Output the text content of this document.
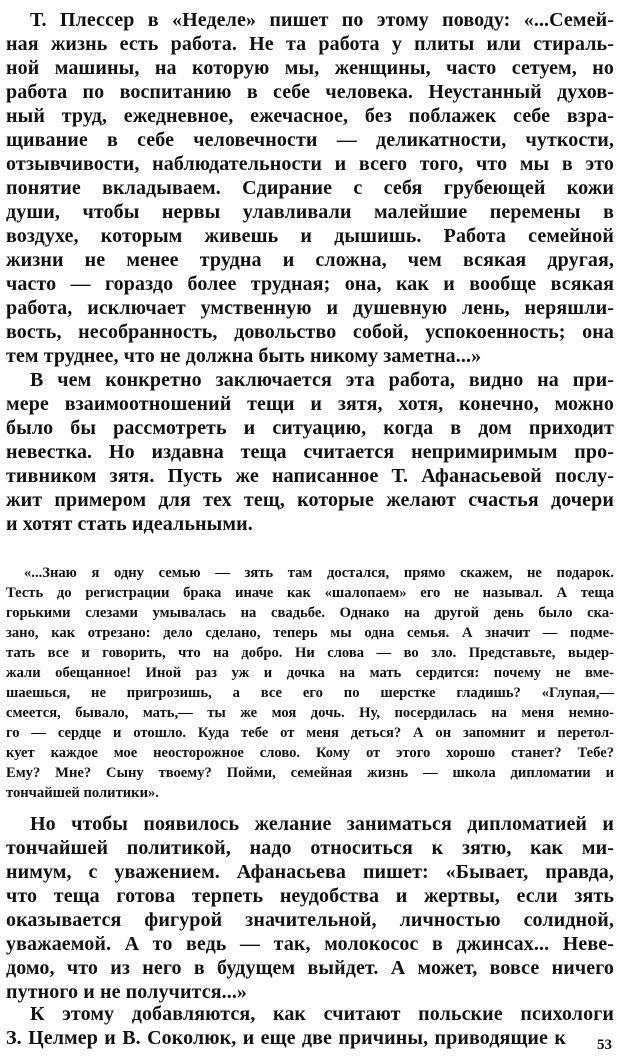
Т. Плессер в «Неделе» пишет по этому поводу: «...Семей-
ная жизнь есть работа. Не та работа у плиты или стираль-
ной машины, на которую мы, женщины, часто сетуем, но
работа по воспитанию в себе человека. Неустанный духов-
ный труд, ежедневное, ежечасное, без поблажек себе взра-
щивание в себе человечности — деликатности, чуткости,
отзывчивости, наблюдательности и всего того, что мы в это
понятие вкладываем. Сдирание с себя грубеющей кожи
души, чтобы нервы улавливали малейшие перемены в
воздухе, которым живешь и дышишь. Работа семейной
жизни не менее трудна и сложна, чем всякая другая,
часто — гораздо более трудная; она, как и вообще всякая
работа, исключает умственную и душевную лень, неряшли-
вость, несобранность, довольство собой, успокоенность; она
тем труднее, что не должна быть никому заметна...»
В чем конкретно заключается эта работа, видно на при-
мере взаимоотношений тещи и зятя, хотя, конечно, можно
было бы рассмотреть и ситуацию, когда в дом приходит
невестка. Но издавна теща считается непримиримым про-
тивником зятя. Пусть же написанное Т. Афанасьевой послу-
жит примером для тех тещ, которые желают счастья дочери
и хотят стать идеальными.
«...Знаю я одну семью — зять там достался, прямо скажем, не подарок.
Тесть до регистрации брака иначе как «шалопаем» его не называл. А теща
горькими слезами умывалась на свадьбе. Однако на другой день было ска-
зано, как отрезано: дело сделано, теперь мы одна семья. А значит — подме-
тать все и говорить, что на добро. Ни слова — во зло. Представьте, выдер-
жали обещанное! Иной раз уж и дочка на мать сердится: почему не вме-
шаешься, не пригрозишь, а все его по шерстке гладишь? «Глупая,—
смеется, бывало, мать,— ты же моя дочь. Ну, посердилась на меня немно-
го — сердце и отошло. Куда тебе от меня деться? А он запомнит и перетол-
кует каждое мое неосторожное слово. Кому от этого хорошо станет? Тебе?
Ему? Мне? Сыну твоему? Пойми, семейная жизнь — школа дипломатии и
тончайшей политики».
Но чтобы появилось желание заниматься дипломатией и
тончайшей политикой, надо относиться к зятю, как ми-
нимум, с уважением. Афанасьева пишет: «Бывает, правда,
что теща готова терпеть неудобства и жертвы, если зять
оказывается фигурой значительной, личностью солидной,
уважаемой. А то ведь — так, молокосос в джинсах... Неве-
домо, что из него в будущем выйдет. А может, вовсе ничего
путного и не получится...»
К этому добавляются, как считают польские психологи
З. Целмер и В. Соколюк, и еще две причины, приводящие к 53
